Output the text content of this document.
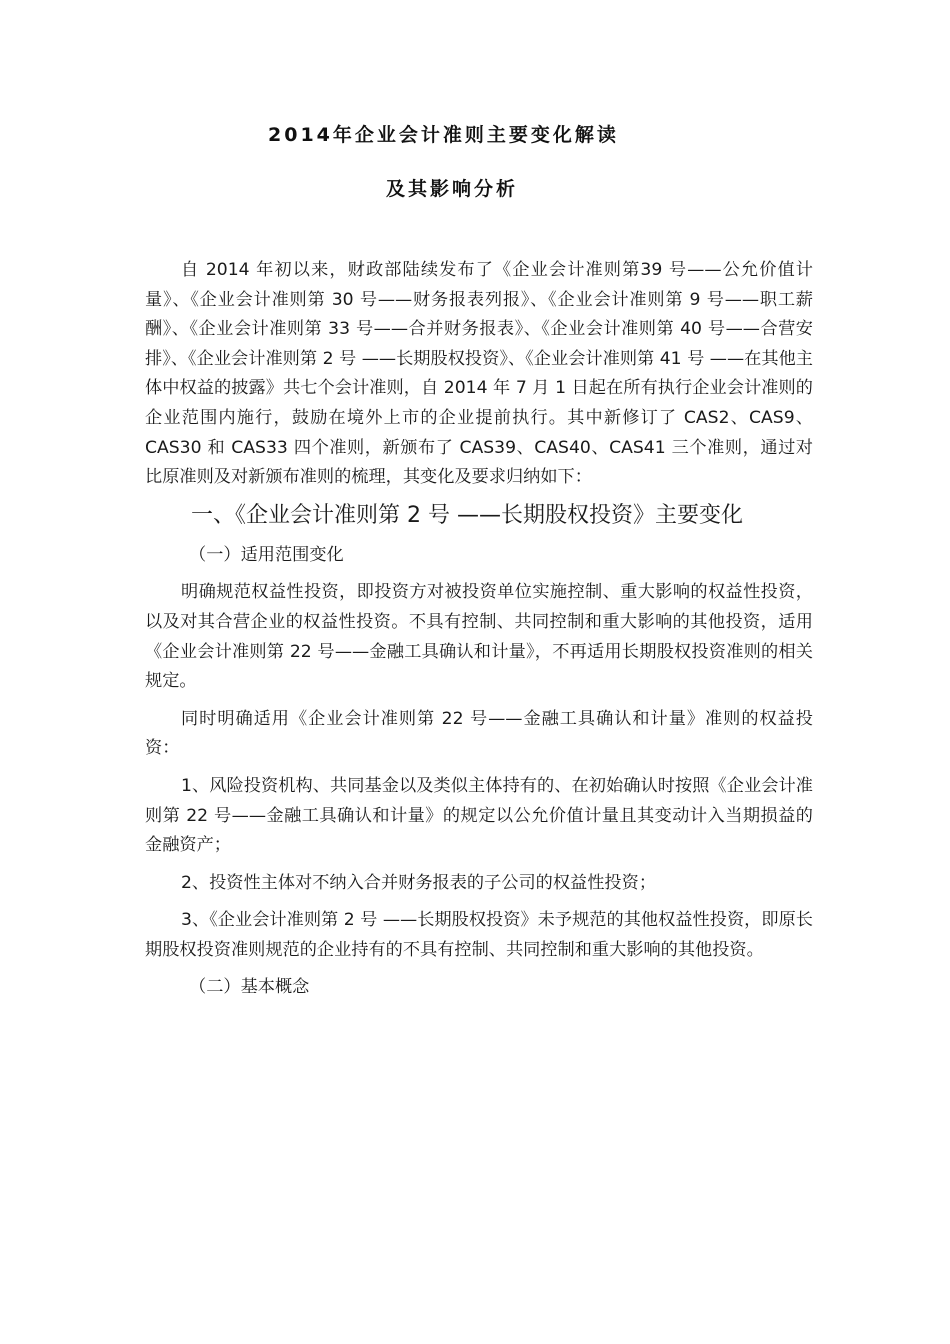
2014年企业会计准则主要变化解读
及其影响分析

自 2014 年初以来，财政部陆续发布了《企业会计准则第39 号——公允价值计量》、《企业会计准则第 30 号——财务报表列报》、《企业会计准则第 9 号——职工薪酬》、《企业会计准则第 33 号——合并财务报表》、《企业会计准则第 40 号——合营安排》、《企业会计准则第 2 号 ——长期股权投资》、《企业会计准则第 41 号 ——在其他主体中权益的披露》共七个会计准则，自 2014 年 7 月 1 日起在所有执行企业会计准则的企业范围内施行，鼓励在境外上市的企业提前执行。其中新修订了 CAS2、CAS9、CAS30 和 CAS33 四个准则，新颁布了 CAS39、CAS40、CAS41 三个准则，通过对比原准则及对新颁布准则的梳理，其变化及要求归纳如下：

一、《企业会计准则第 2 号 ——长期股权投资》主要变化

（一）适用范围变化

明确规范权益性投资，即投资方对被投资单位实施控制、重大影响的权益性投资，以及对其合营企业的权益性投资。不具有控制、共同控制和重大影响的其他投资，适用《企业会计准则第 22 号——金融工具确认和计量》，不再适用长期股权投资准则的相关规定。

同时明确适用《企业会计准则第 22 号——金融工具确认和计量》准则的权益投资：

1、风险投资机构、共同基金以及类似主体持有的、在初始确认时按照《企业会计准则第 22 号——金融工具确认和计量》的规定以公允价值计量且其变动计入当期损益的金融资产；

2、投资性主体对不纳入合并财务报表的子公司的权益性投资；

3、《企业会计准则第 2 号 ——长期股权投资》未予规范的其他权益性投资，即原长期股权投资准则规范的企业持有的不具有控制、共同控制和重大影响的其他投资。

（二）基本概念
